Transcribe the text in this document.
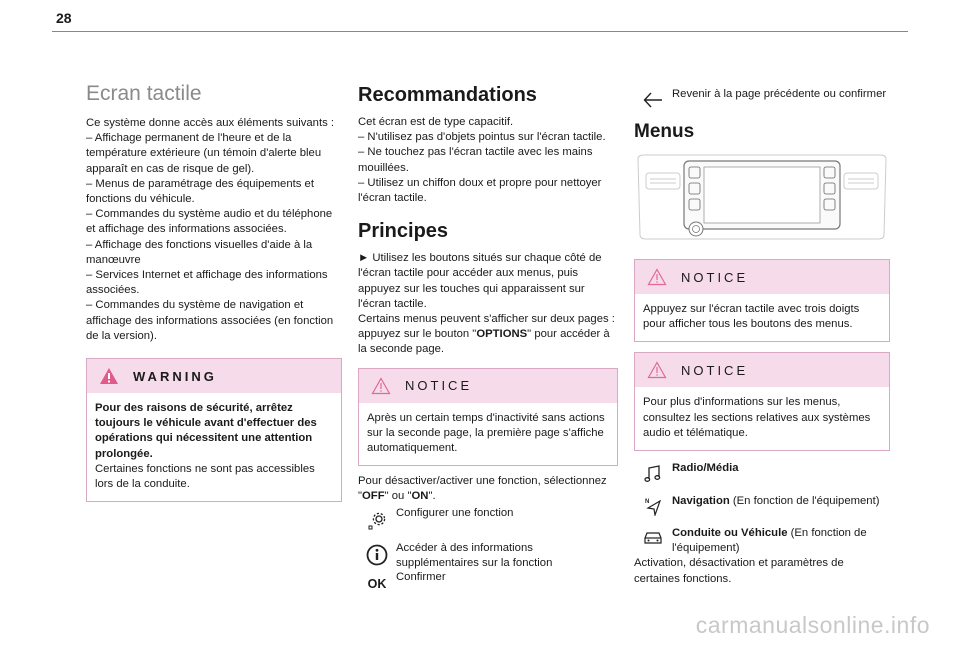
28
Ecran tactile

Ce système donne accès aux éléments suivants :

– Affichage permanent de l'heure et de la température extérieure (un témoin d'alerte bleu apparaît en cas de risque de gel).

– Menus de paramétrage des équipements et fonctions du véhicule.

– Commandes du système audio et du téléphone et affichage des informations associées.

– Affichage des fonctions visuelles d'aide à la manœuvre

– Services Internet et affichage des informations associées.

– Commandes du système de navigation et affichage des informations associées (en fonction de la version).

WARNING

Pour des raisons de sécurité, arrêtez toujours le véhicule avant d'effectuer des opérations qui nécessitent une attention prolongée.

Certaines fonctions ne sont pas accessibles lors de la conduite.

Recommandations

Cet écran est de type capacitif.

– N'utilisez pas d'objets pointus sur l'écran tactile.

– Ne touchez pas l'écran tactile avec les mains mouillées.

– Utilisez un chiffon doux et propre pour nettoyer l'écran tactile.

Principes

► Utilisez les boutons situés sur chaque côté de l'écran tactile pour accéder aux menus, puis appuyez sur les touches qui apparaissent sur l'écran tactile.

Certains menus peuvent s'afficher sur deux pages : appuyez sur le bouton "OPTIONS" pour accéder à la seconde page.

NOTICE

Après un certain temps d'inactivité sans actions sur la seconde page, la première page s'affiche automatiquement.

Pour désactiver/activer une fonction, sélectionnez "OFF" ou "ON".

Configurer une fonction

Accéder à des informations supplémentaires sur la fonction

OK Confirmer

Revenir à la page précédente ou confirmer

Menus
NOTICE

Appuyez sur l'écran tactile avec trois doigts pour afficher tous les boutons des menus.

NOTICE

Pour plus d'informations sur les menus, consultez les sections relatives aux systèmes audio et télématique.

Radio/Média

N Navigation (En fonction de l'équipement)

Conduite ou Véhicule (En fonction de l'équipement)

Activation, désactivation et paramètres de certaines fonctions.

carmanualsonline.info
